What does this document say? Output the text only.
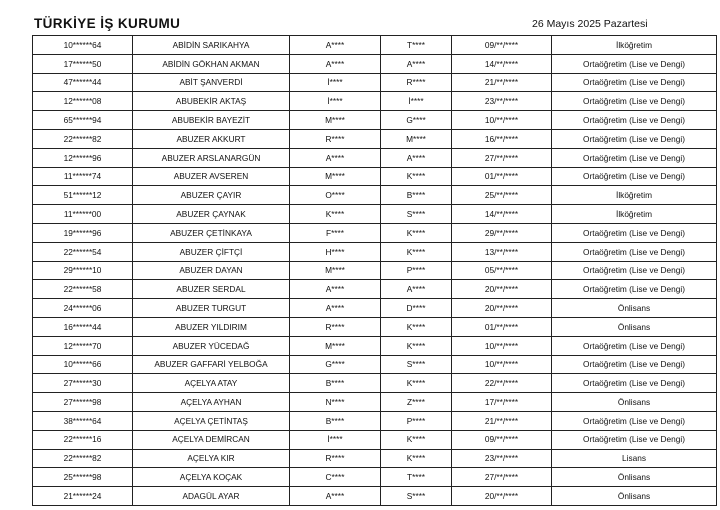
TÜRKİYE İŞ KURUMU	26 Mayıs 2025 Pazartesi
10******64	ABİDİN SARIKAHYA	A****	T****	09/**/****	İlköğretim
17******50	ABİDİN GÖKHAN AKMAN	A****	A****	14/**/****	Ortaöğretim (Lise ve Dengi)
47******44	ABİT ŞANVERDİ	İ****	R****	21/**/****	Ortaöğretim (Lise ve Dengi)
12******08	ABUBEKİR AKTAŞ	İ****	İ****	23/**/****	Ortaöğretim (Lise ve Dengi)
65******94	ABUBEKİR BAYEZİT	M****	G****	10/**/****	Ortaöğretim (Lise ve Dengi)
22******82	ABUZER AKKURT	R****	M****	16/**/****	Ortaöğretim (Lise ve Dengi)
12******96	ABUZER ARSLANARGÜN	A****	A****	27/**/****	Ortaöğretim (Lise ve Dengi)
11******74	ABUZER AVSEREN	M****	K****	01/**/****	Ortaöğretim (Lise ve Dengi)
51******12	ABUZER ÇAYIR	O****	B****	25/**/****	İlköğretim
11******00	ABUZER ÇAYNAK	K****	S****	14/**/****	İlköğretim
19******96	ABUZER ÇETİNKAYA	F****	K****	29/**/****	Ortaöğretim (Lise ve Dengi)
22******54	ABUZER ÇİFTÇİ	H****	K****	13/**/****	Ortaöğretim (Lise ve Dengi)
29******10	ABUZER DAYAN	M****	P****	05/**/****	Ortaöğretim (Lise ve Dengi)
22******58	ABUZER SERDAL	A****	A****	20/**/****	Ortaöğretim (Lise ve Dengi)
24******06	ABUZER TURGUT	A****	D****	20/**/****	Önlisans
16******44	ABUZER YILDIRIM	R****	K****	01/**/****	Önlisans
12******70	ABUZER YÜCEDAĞ	M****	K****	10/**/****	Ortaöğretim (Lise ve Dengi)
10******66	ABUZER GAFFARİ YELBOĞA	G****	S****	10/**/****	Ortaöğretim (Lise ve Dengi)
27******30	AÇELYA ATAY	B****	K****	22/**/****	Ortaöğretim (Lise ve Dengi)
27******98	AÇELYA AYHAN	N****	Z****	17/**/****	Önlisans
38******64	AÇELYA ÇETİNTAŞ	B****	P****	21/**/****	Ortaöğretim (Lise ve Dengi)
22******16	AÇELYA DEMİRCAN	İ****	K****	09/**/****	Ortaöğretim (Lise ve Dengi)
22******82	AÇELYA KIR	R****	K****	23/**/****	Lisans
25******98	AÇELYA KOÇAK	C****	T****	27/**/****	Önlisans
21******24	ADAGÜL AYAR	A****	S****	20/**/****	Önlisans
